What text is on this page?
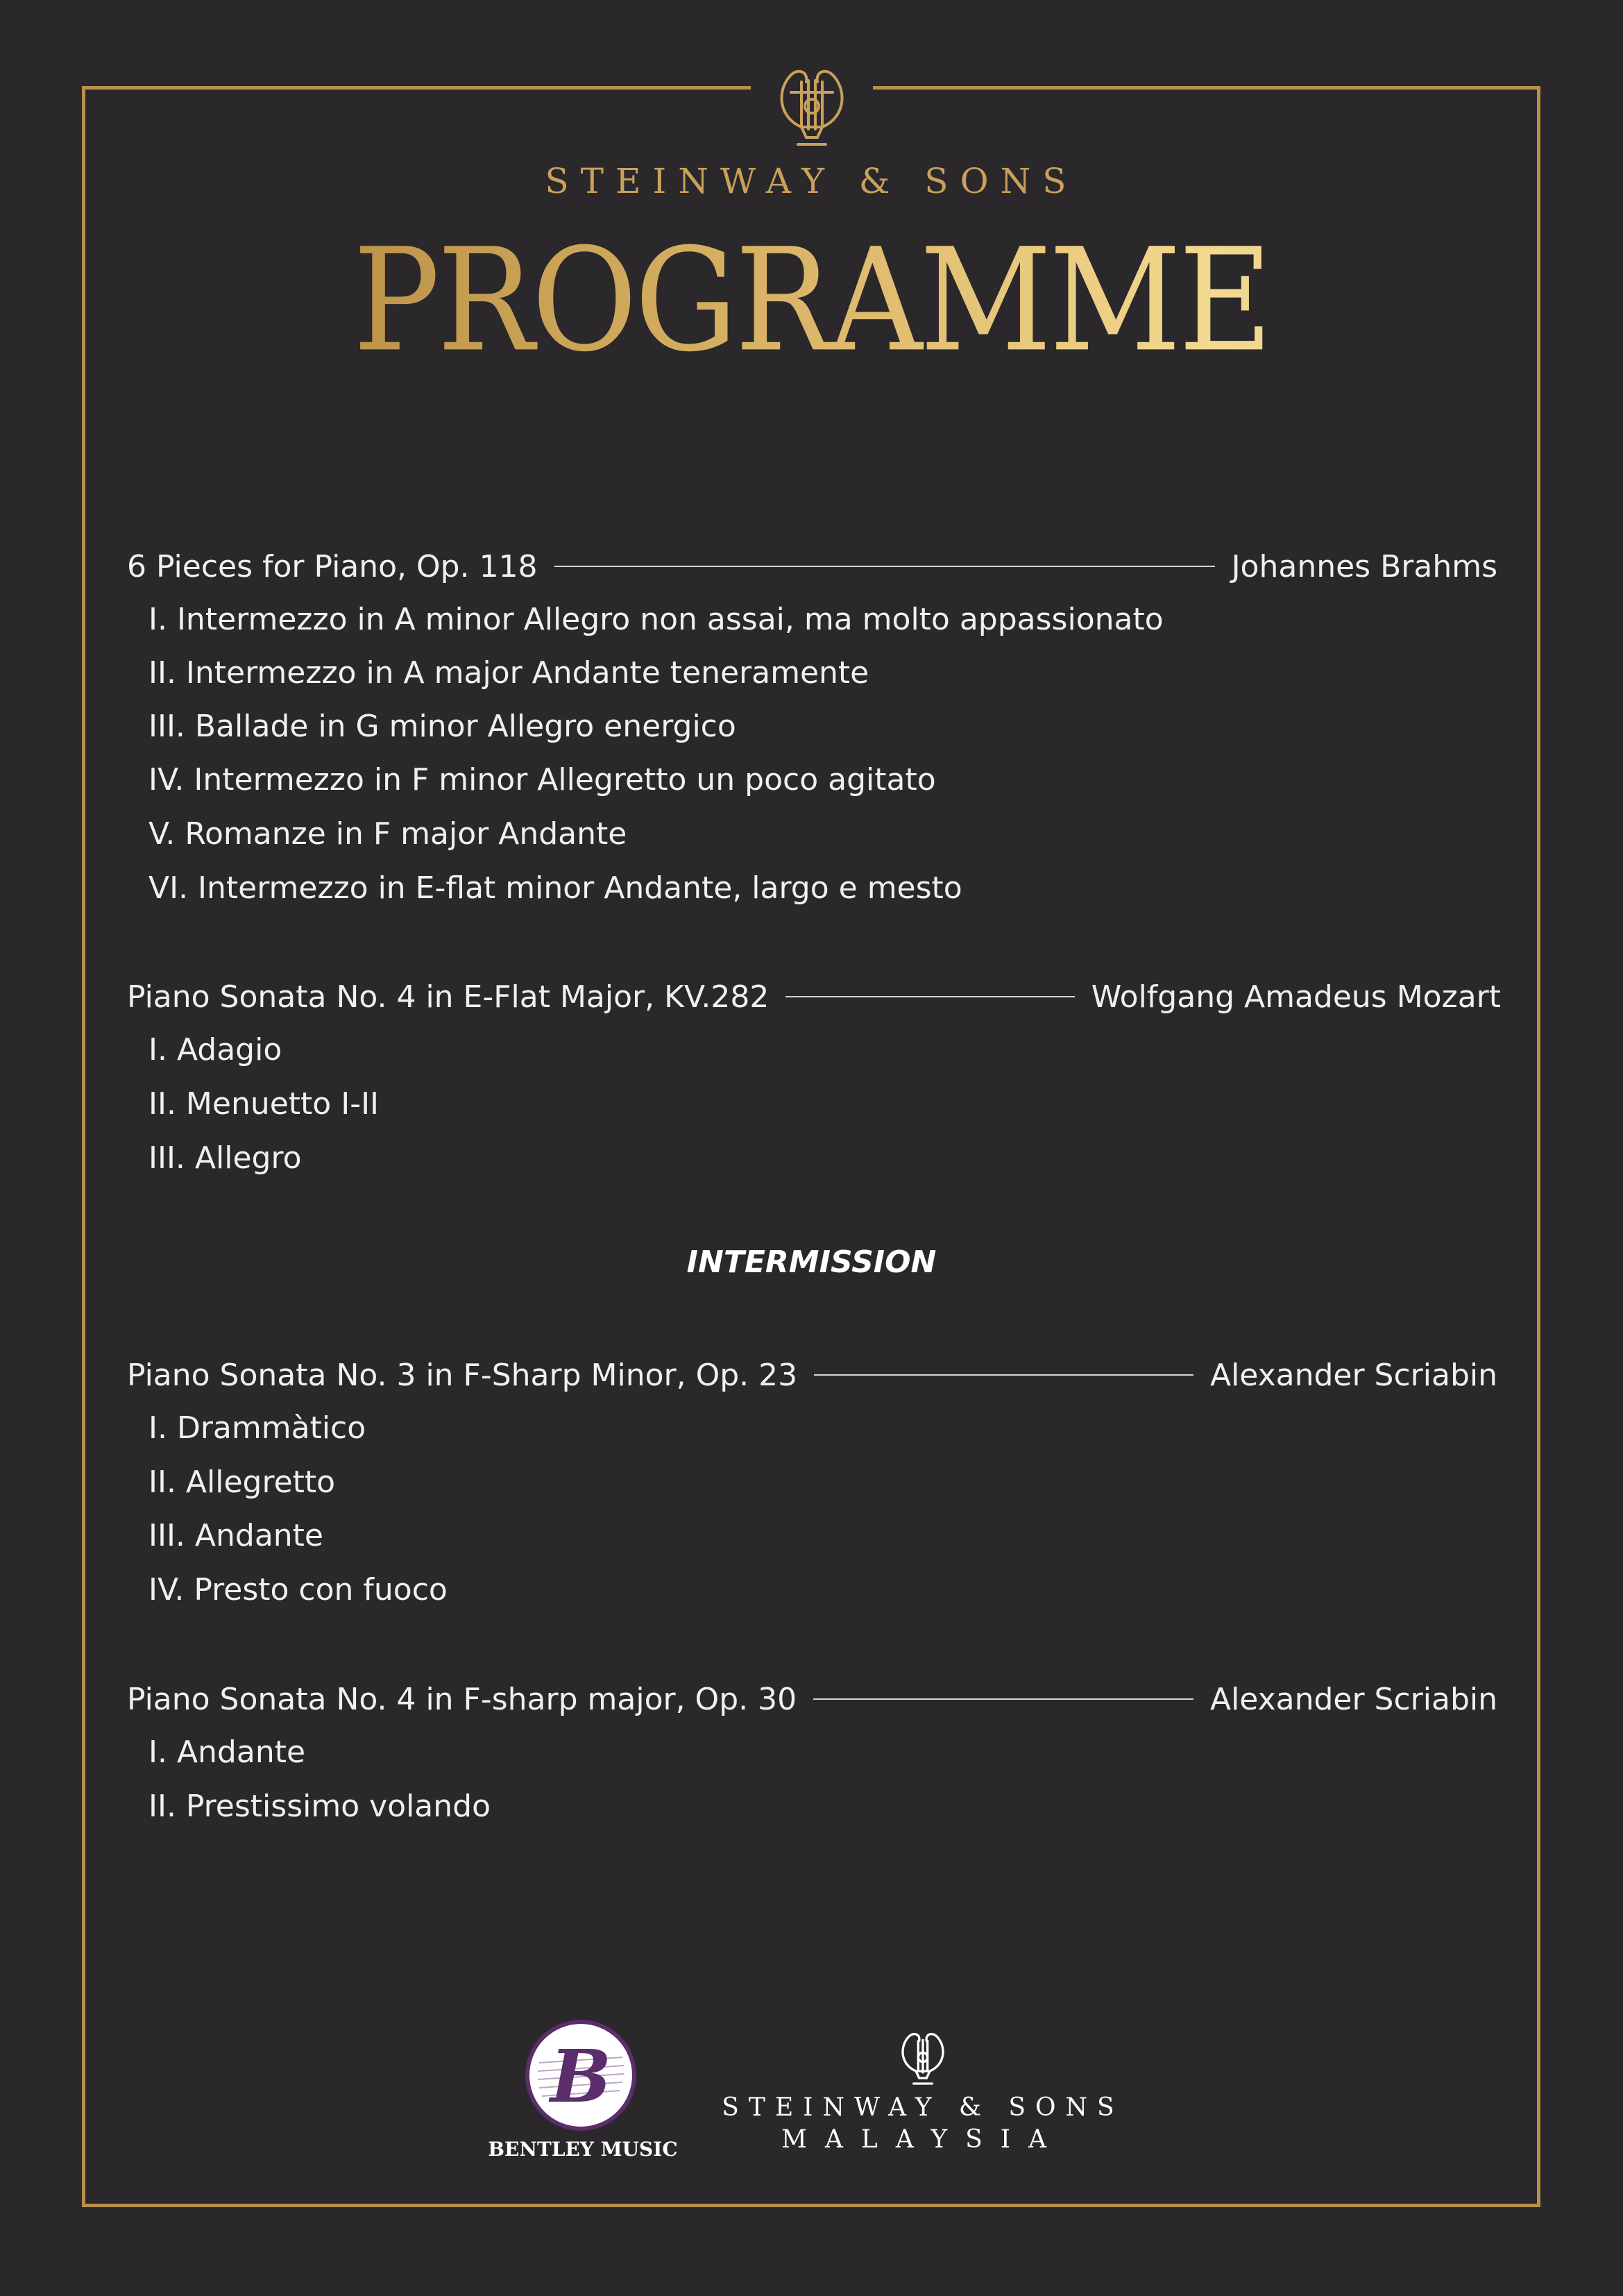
STEINWAY & SONS
PROGRAMME
6 Pieces for Piano, Op. 118	Johannes Brahms
I. Intermezzo in A minor Allegro non assai, ma molto appassionato
II. Intermezzo in A major Andante teneramente
III. Ballade in G minor Allegro energico
IV. Intermezzo in F minor Allegretto un poco agitato
V. Romanze in F major Andante
VI. Intermezzo in E-flat minor Andante, largo e mesto
Piano Sonata No. 4 in E-Flat Major, KV.282	Wolfgang Amadeus Mozart
I. Adagio
II. Menuetto I-II
III. Allegro
INTERMISSION
Piano Sonata No. 3 in F-Sharp Minor, Op. 23	Alexander Scriabin
I. Drammàtico
II. Allegretto
III. Andante
IV. Presto con fuoco
Piano Sonata No. 4 in F-sharp major, Op. 30	Alexander Scriabin
I. Andante
II. Prestissimo volando
B
BENTLEY MUSIC
STEINWAY & SONS
MALAYSIA
